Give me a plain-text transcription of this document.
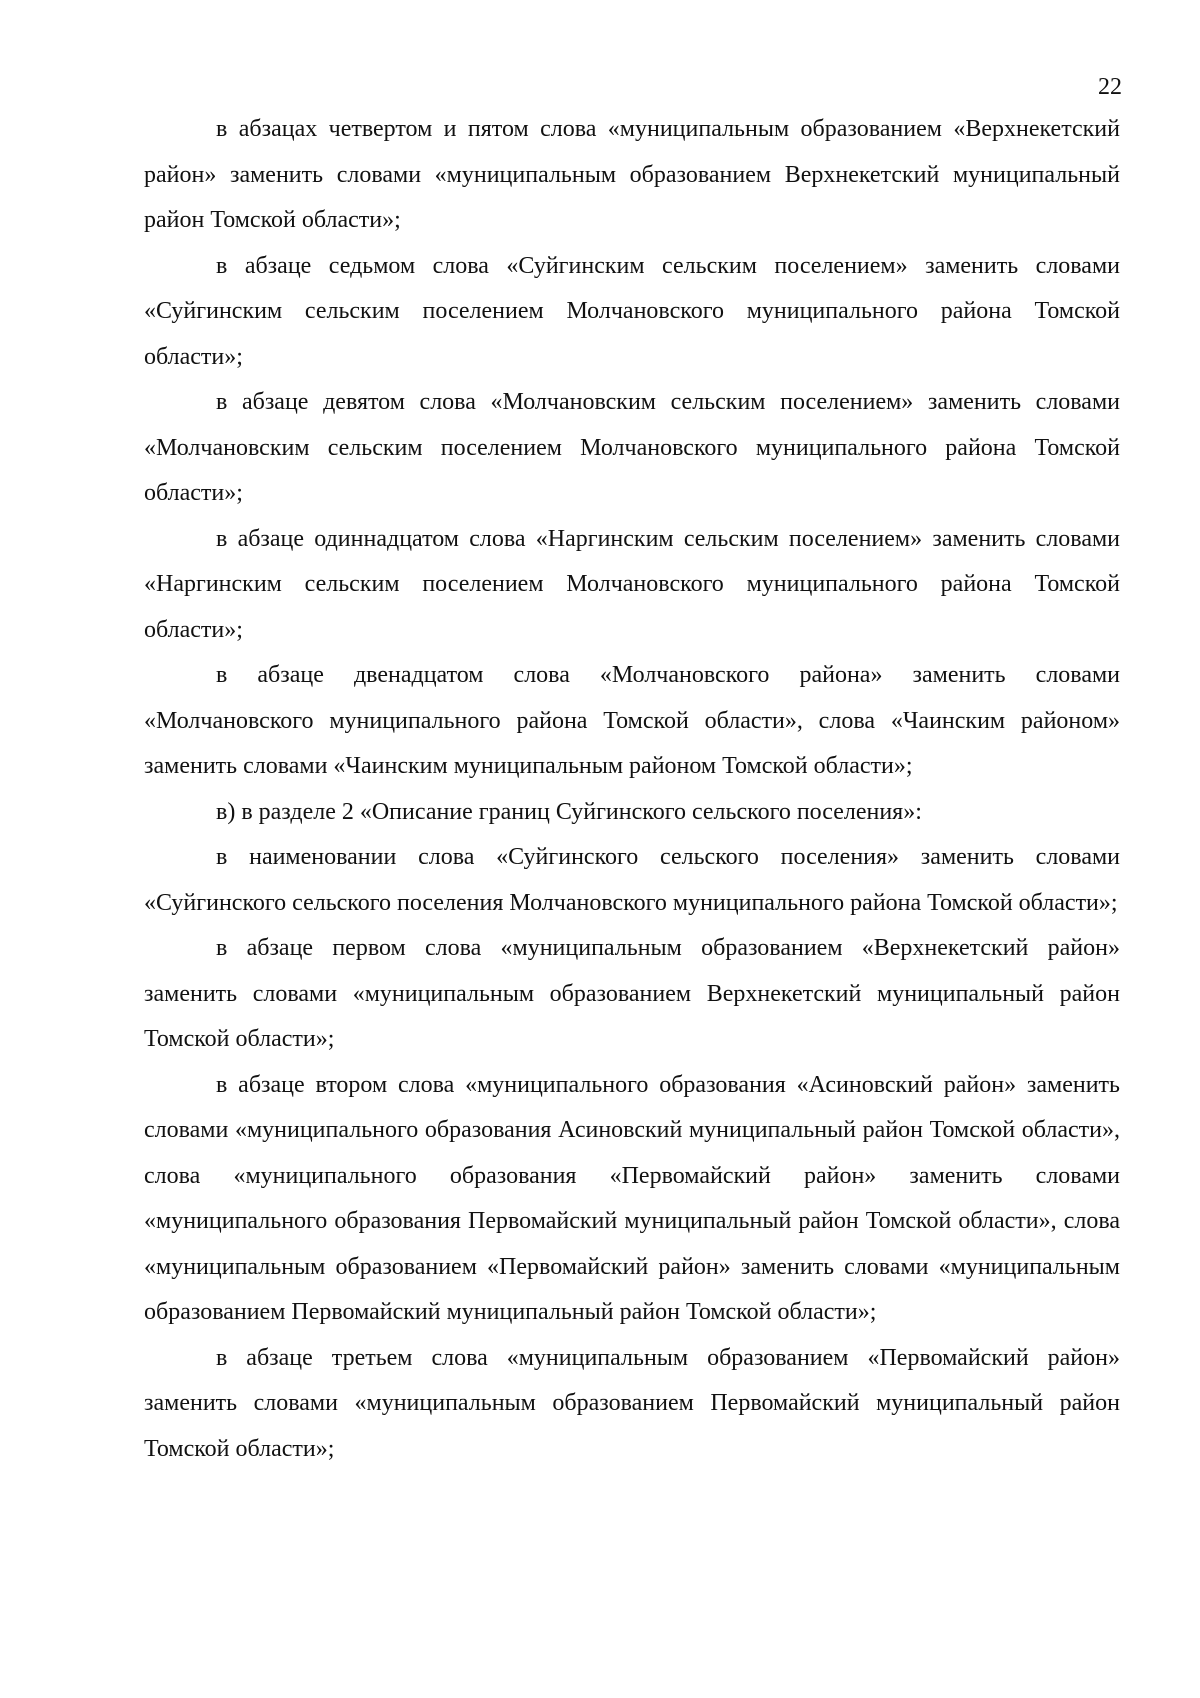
22

в абзацах четвертом и пятом слова «муниципальным образованием «Верхнекетский район» заменить словами «муниципальным образованием Верхнекетский муниципальный район Томской области»;

в абзаце седьмом слова «Суйгинским сельским поселением» заменить словами «Суйгинским сельским поселением Молчановского муниципального района Томской области»;

в абзаце девятом слова «Молчановским сельским поселением» заменить словами «Молчановским сельским поселением Молчановского муниципального района Томской области»;

в абзаце одиннадцатом слова «Наргинским сельским поселением» заменить словами «Наргинским сельским поселением Молчановского муниципального района Томской области»;

в абзаце двенадцатом слова «Молчановского района» заменить словами «Молчановского муниципального района Томской области», слова «Чаинским районом» заменить словами «Чаинским муниципальным районом Томской области»;

в) в разделе 2 «Описание границ Суйгинского сельского поселения»:

в наименовании слова «Суйгинского сельского поселения» заменить словами «Суйгинского сельского поселения Молчановского муниципального района Томской области»;

в абзаце первом слова «муниципальным образованием «Верхнекетский район» заменить словами «муниципальным образованием Верхнекетский муниципальный район Томской области»;

в абзаце втором слова «муниципального образования «Асиновский район» заменить словами «муниципального образования Асиновский муниципальный район Томской области», слова «муниципального образования «Первомайский район» заменить словами «муниципального образования Первомайский муниципальный район Томской области», слова «муниципальным образованием «Первомайский район» заменить словами «муниципальным образованием Первомайский муниципальный район Томской области»;

в абзаце третьем слова «муниципальным образованием «Первомайский район» заменить словами «муниципальным образованием Первомайский муниципальный район Томской области»;
